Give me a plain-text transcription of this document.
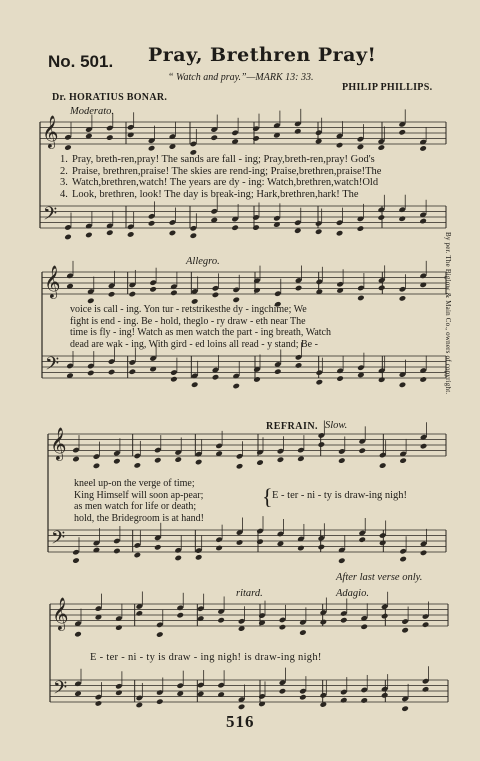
𝄞
𝄢
𝄞
𝄢
𝄞
𝄢
𝄞
𝄢
No. 501. Pray, Brethren Pray!
“ Watch and pray.”—MARK 13: 33.
PHILIP PHILLIPS.
Dr. HORATIUS BONAR.
Moderato.
1. Pray, breth-ren,pray! The sands are fall - ing; Pray,breth-ren,pray! God's
2. Praise, brethren,praise! The skies are rend-ing; Praise,brethren,praise!The
3. Watch,brethren,watch! The years are dy - ing: Watch,brethren,watch!Old
4. Look, brethren, look! The day is break-ing; Hark,brethren,hark! The
Allegro.
voice is call - ing. Yon tur - retstrikesthe dy - ingchime; We
fight is end - ing. Be - hold, theglo - ry draw - eth near The
time is fly - ing! Watch as men watch the part - ing breath, Watch
dead are wak - ing, With gird - ed loins all read - y stand; Be -
REFRAIN. Slow.
kneel up-on the verge of time;
King Himself will soon ap-pear;
as men watch for life or death;
hold, the Bridegroom is at hand!
{ E - ter - ni - ty is draw-ing nigh!
After last verse only.
ritard.	Adagio.
E - ter - ni - ty is draw - ing nigh! is draw-ing nigh!
By per. The Biglow & Main Co., owners of copyright.
516
